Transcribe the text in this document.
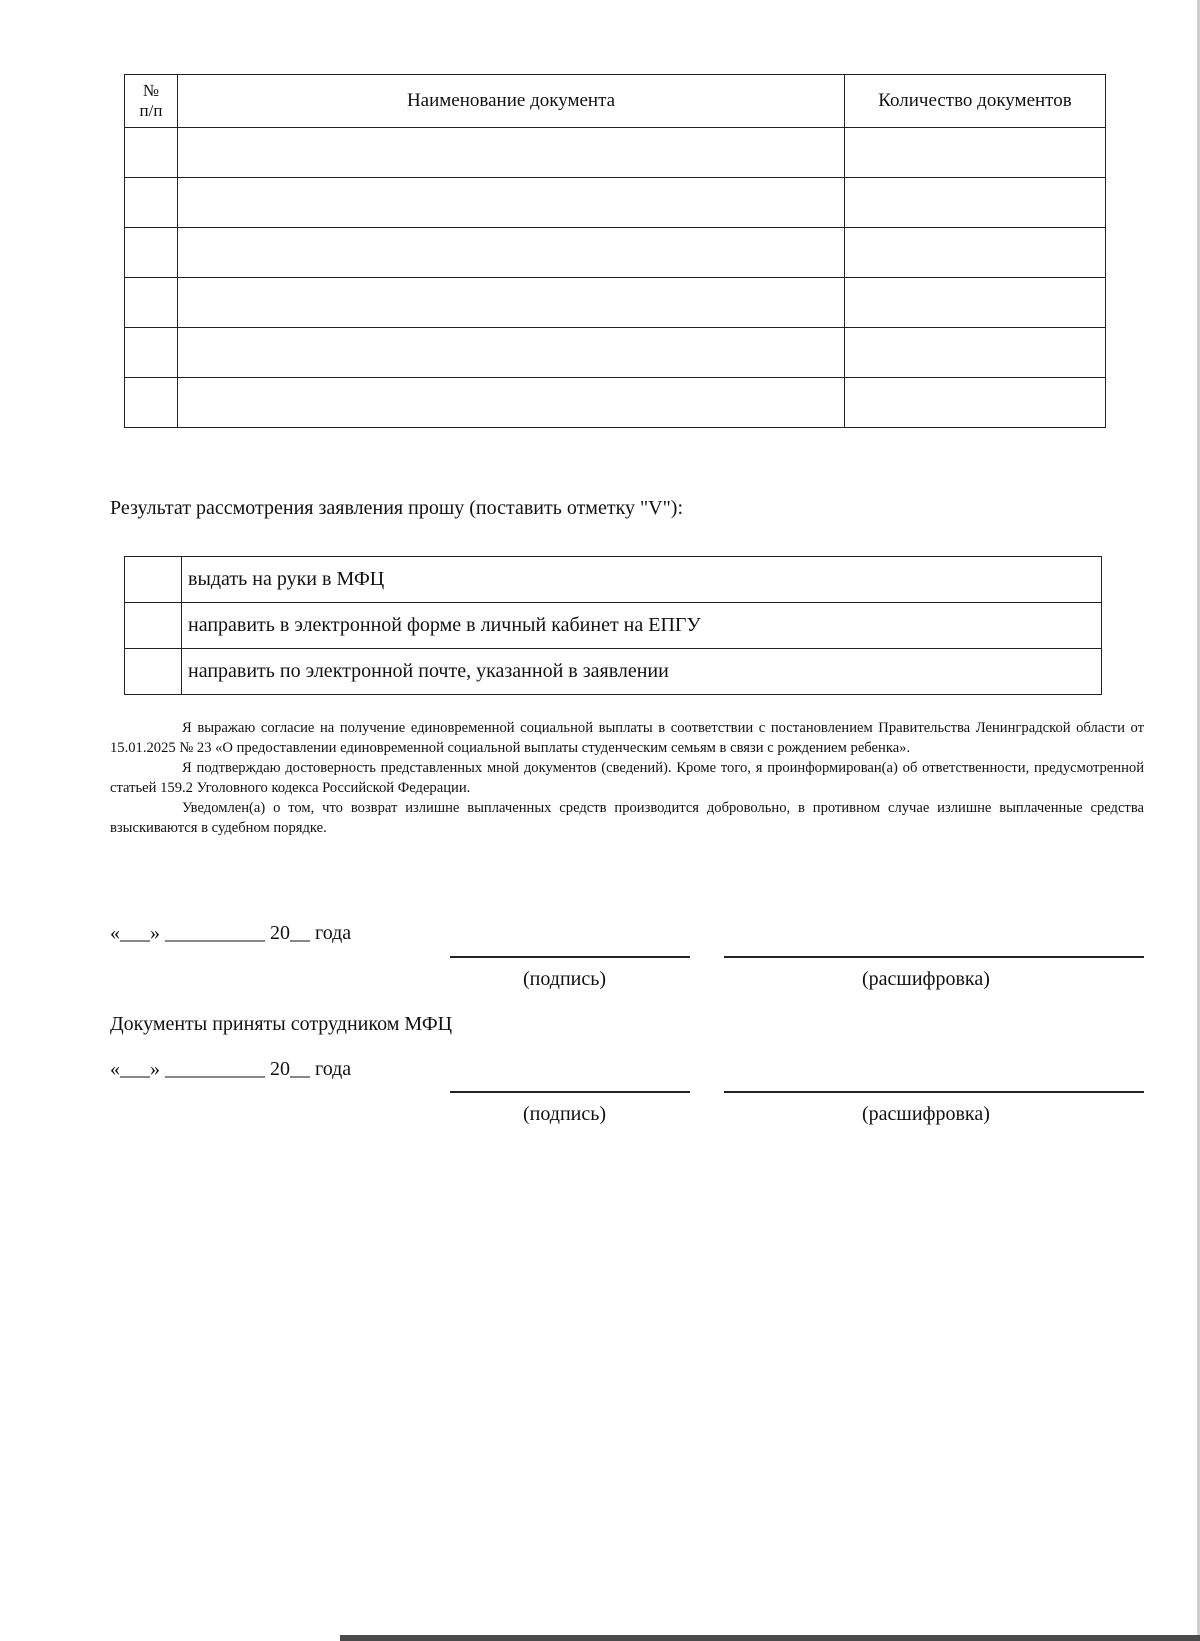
№
п/п	Наименование документа	Количество документов

Результат рассмотрения заявления прошу (поставить отметку "V"):
	выдать на руки в МФЦ
	направить в электронной форме в личный кабинет на ЕПГУ
	направить по электронной почте, указанной в заявлении

Я выражаю согласие на получение единовременной социальной выплаты в соответствии с постановлением Правительства Ленинградской области от 15.01.2025 № 23 «О предоставлении единовременной социальной выплаты студенческим семьям в связи с рождением ребенка».

Я подтверждаю достоверность представленных мной документов (сведений). Кроме того, я проинформирован(а) об ответственности, предусмотренной статьей 159.2 Уголовного кодекса Российской Федерации.

Уведомлен(а) о том, что возврат излишне выплаченных средств производится добровольно, в противном случае излишне выплаченные средства взыскиваются в судебном порядке.

«___» __________ 20__ года
(подпись)	(расшифровка)
Документы приняты сотрудником МФЦ
«___» __________ 20__ года
(подпись)	(расшифровка)
